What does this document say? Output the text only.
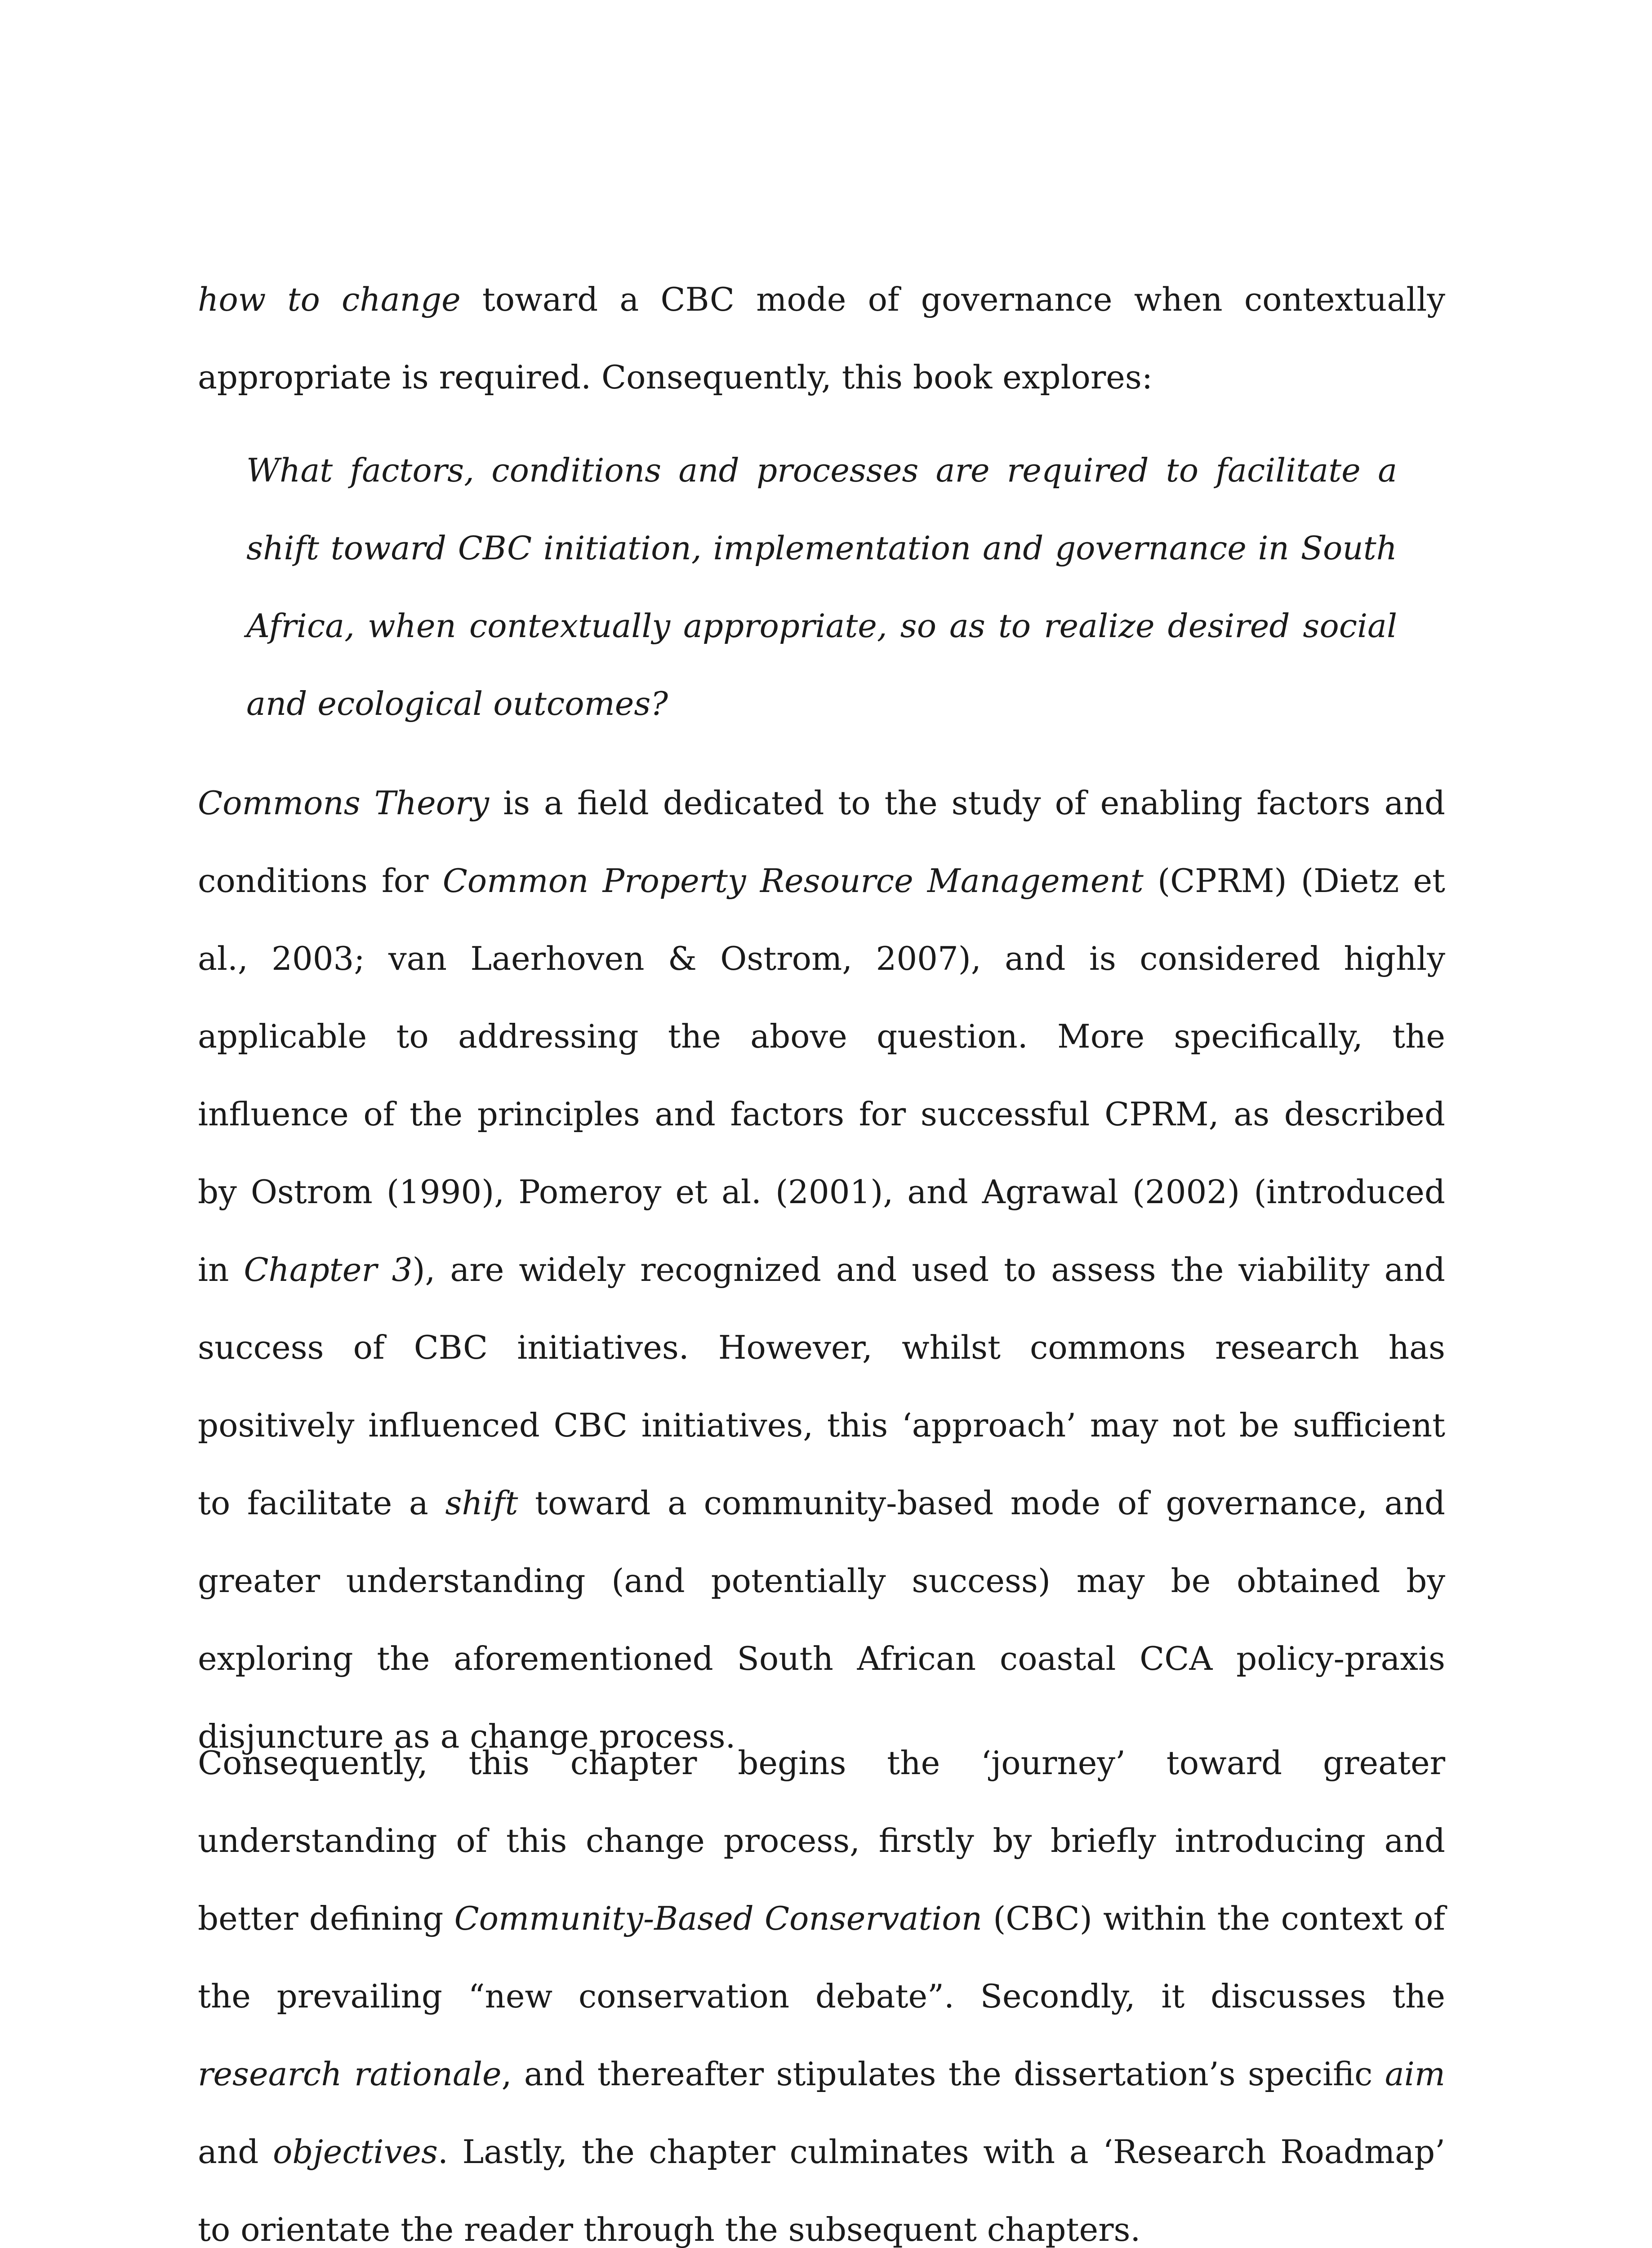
how to change toward a CBC mode of governance when contextually appropriate is required. Consequently, this book explores:

What factors, conditions and processes are required to facilitate a shift toward CBC initiation, implementation and governance in South Africa, when contextually appropriate, so as to realize desired social and ecological outcomes?

Commons Theory is a field dedicated to the study of enabling factors and conditions for Common Property Resource Management (CPRM) (Dietz et al., 2003; van Laerhoven & Ostrom, 2007), and is considered highly applicable to addressing the above question. More specifically, the influence of the principles and factors for successful CPRM, as described by Ostrom (1990), Pomeroy et al. (2001), and Agrawal (2002) (introduced in Chapter 3), are widely recognized and used to assess the viability and success of CBC initiatives. However, whilst commons research has positively influenced CBC initiatives, this ‘approach’ may not be sufficient to facilitate a shift toward a community-based mode of governance, and greater understanding (and potentially success) may be obtained by exploring the aforementioned South African coastal CCA policy-praxis disjuncture as a change process.

Consequently, this chapter begins the ‘journey’ toward greater understanding of this change process, firstly by briefly introducing and better defining Community-Based Conservation (CBC) within the context of the prevailing “new conservation debate”. Secondly, it discusses the research rationale, and thereafter stipulates the dissertation’s specific aim and objectives. Lastly, the chapter culminates with a ‘Research Roadmap’ to orientate the reader through the subsequent chapters.
